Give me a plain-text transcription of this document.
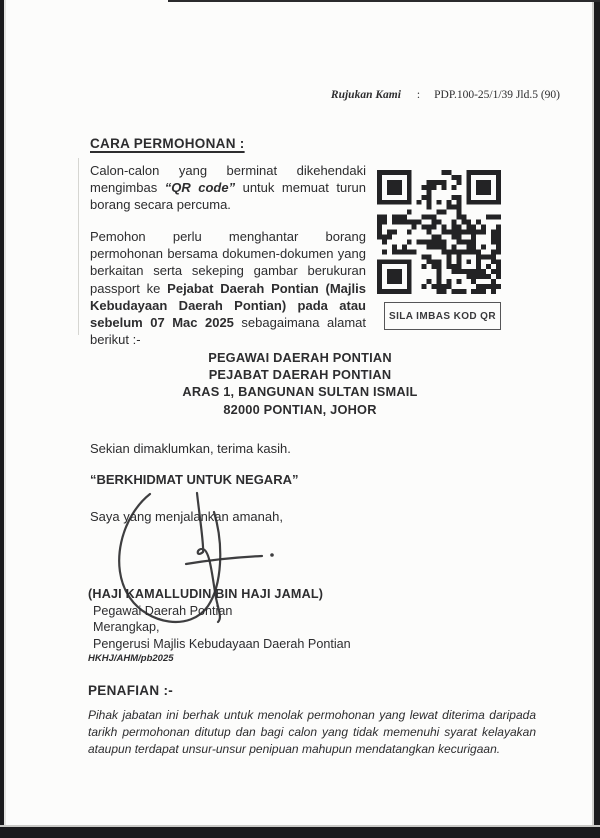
Rujukan Kami : PDP.100-25/1/39 Jld.5 (90)
CARA PERMOHONAN :
Calon-calon yang berminat dikehendaki mengimbas “QR code” untuk memuat turun borang secara percuma.
Pemohon perlu menghantar borang permohonan bersama dokumen-dokumen yang berkaitan serta sekeping gambar berukuran passport ke Pejabat Daerah Pontian (Majlis Kebudayaan Daerah Pontian) pada atau sebelum 07 Mac 2025 sebagaimana alamat berikut :-
SILA IMBAS KOD QR
PEGAWAI DAERAH PONTIAN
PEJABAT DAERAH PONTIAN
ARAS 1, BANGUNAN SULTAN ISMAIL
82000 PONTIAN, JOHOR
Sekian dimaklumkan, terima kasih.
“BERKHIDMAT UNTUK NEGARA”
Saya yang menjalankan amanah,
(HAJI KAMALLUDIN BIN HAJI JAMAL)
Pegawai Daerah Pontian
Merangkap,
Pengerusi Majlis Kebudayaan Daerah Pontian
HKHJ/AHM/pb2025
PENAFIAN :-
Pihak jabatan ini berhak untuk menolak permohonan yang lewat diterima daripada tarikh permohonan ditutup dan bagi calon yang tidak memenuhi syarat kelayakan ataupun terdapat unsur-unsur penipuan mahupun mendatangkan kecurigaan.
